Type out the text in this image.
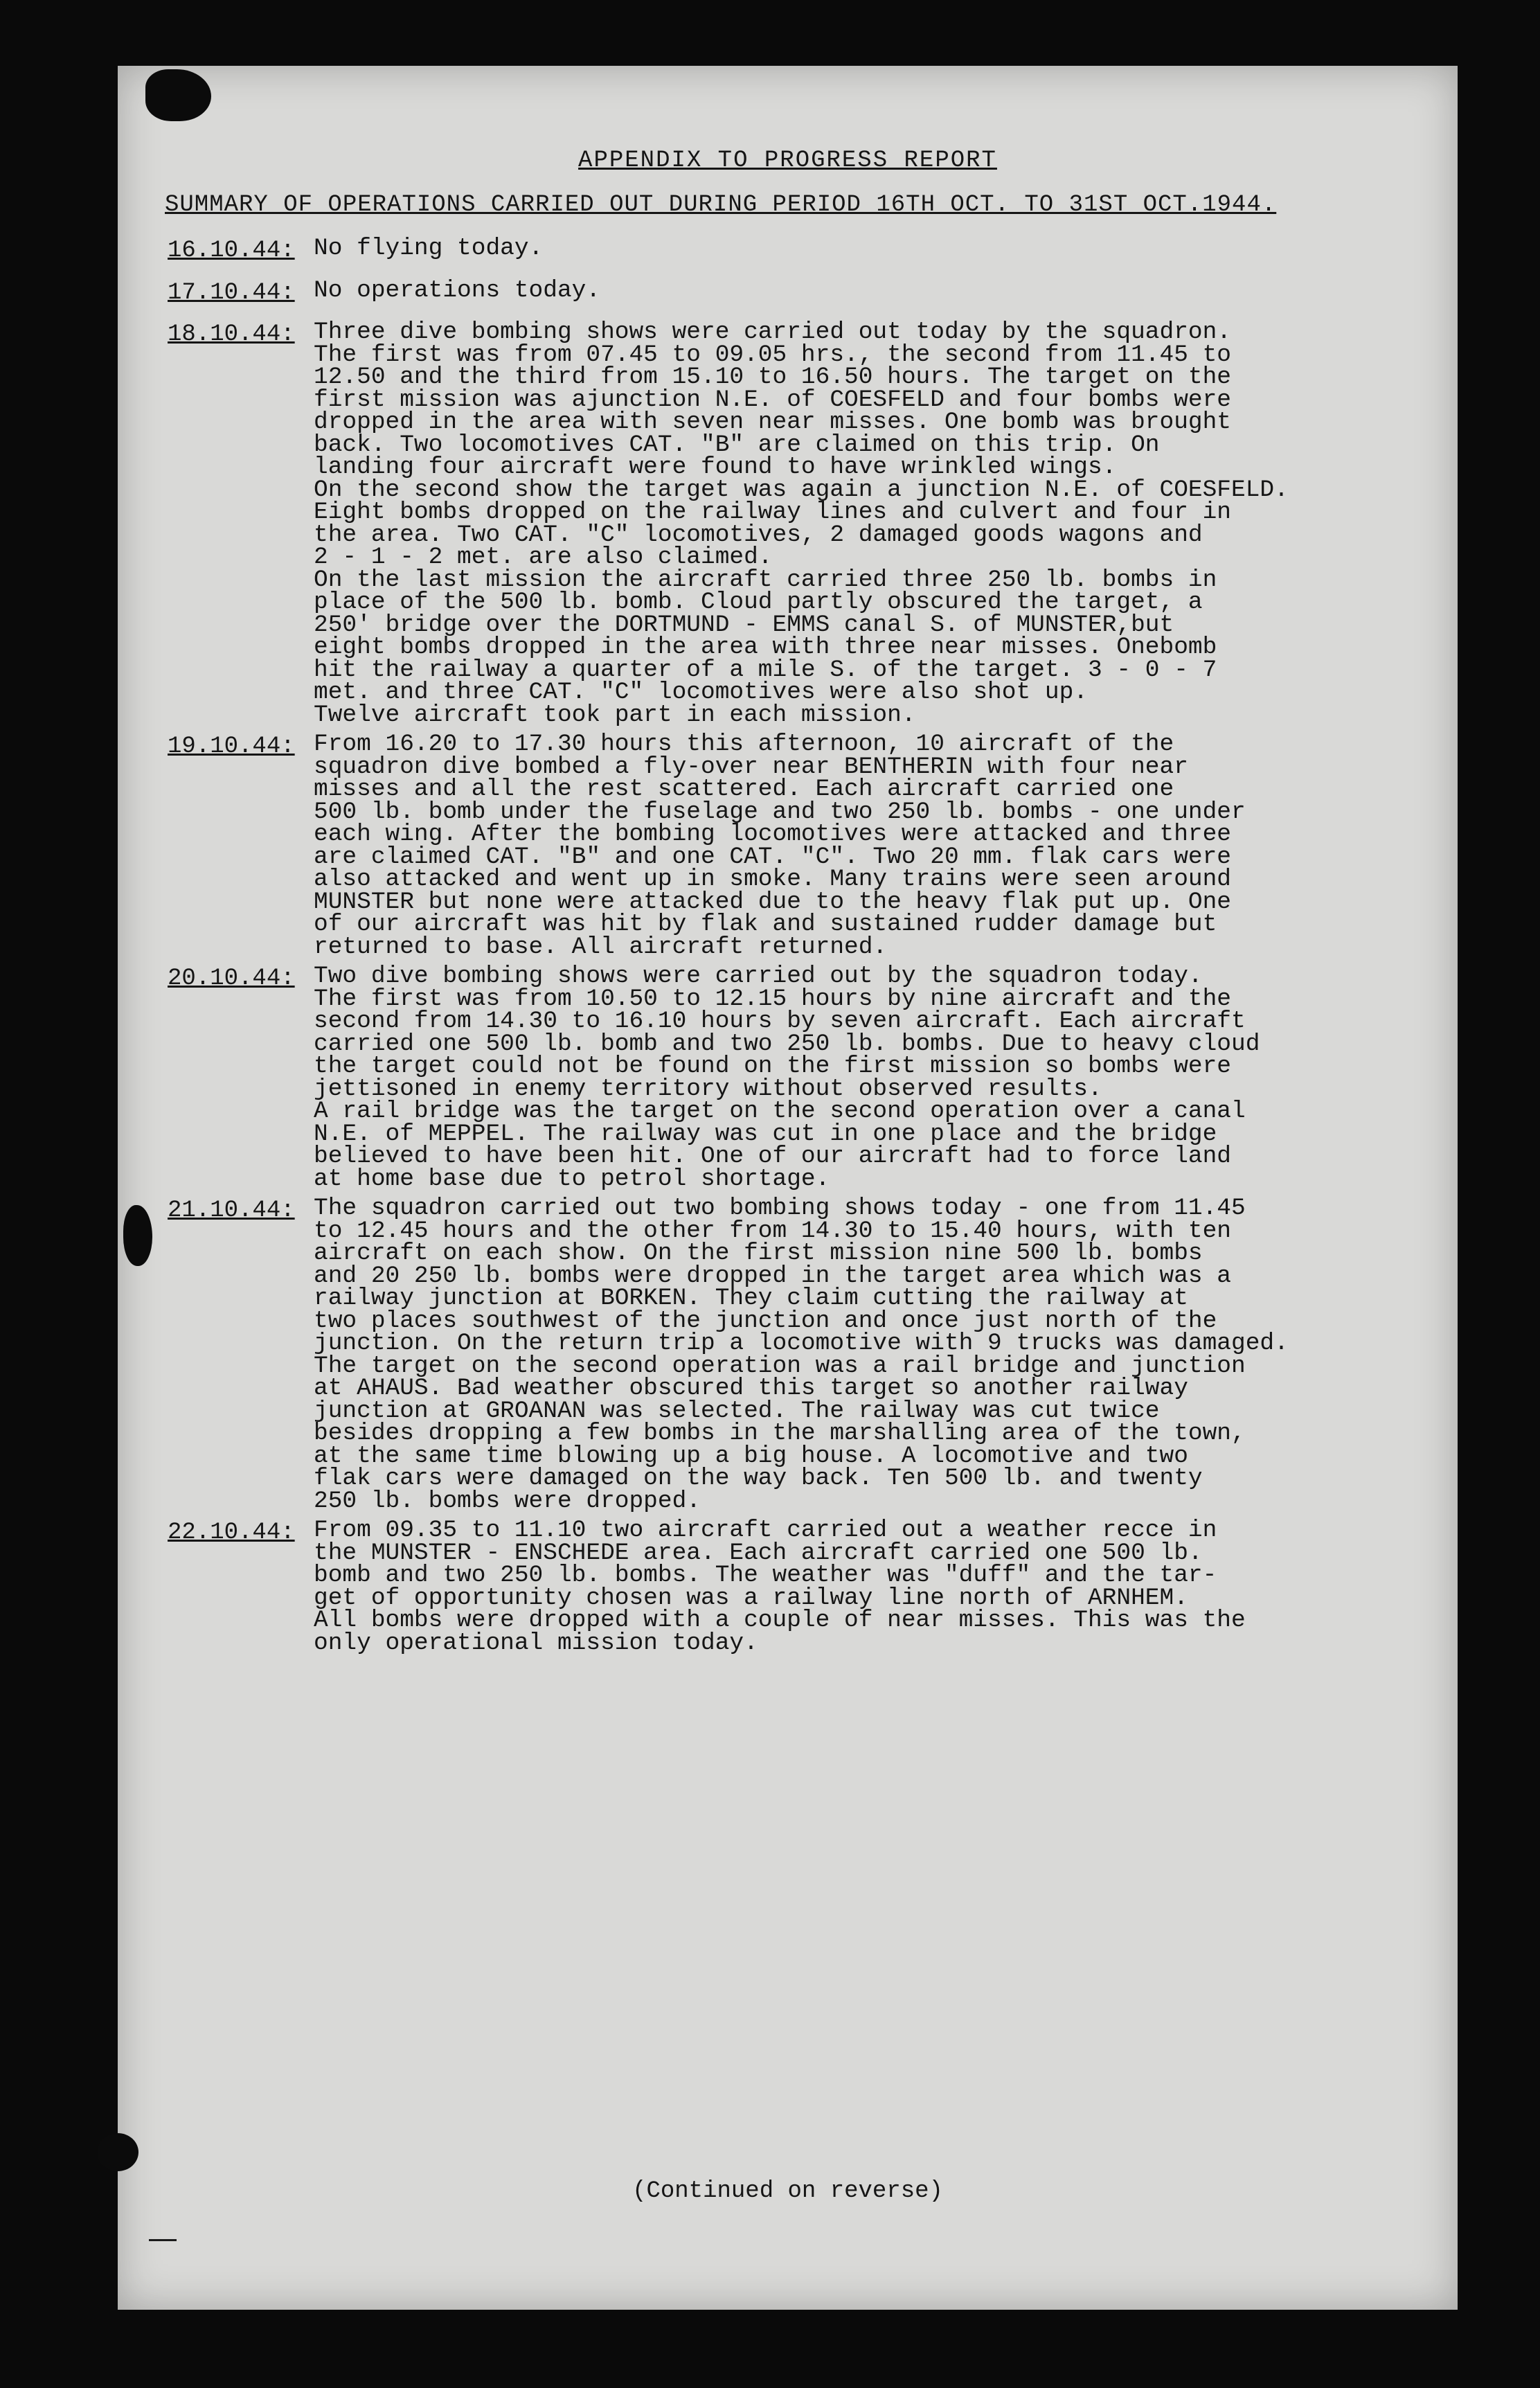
APPENDIX TO PROGRESS REPORT
SUMMARY OF OPERATIONS CARRIED OUT DURING PERIOD 16TH OCT. TO 31ST OCT.1944.
16.10.44: No flying today.
17.10.44: No operations today.
18.10.44: Three dive bombing shows were carried out today by the squadron.
The first was from 07.45 to 09.05 hrs., the second from 11.45 to
12.50 and the third from 15.10 to 16.50 hours. The target on the
first mission was ajunction N.E. of COESFELD and four bombs were
dropped in the area with seven near misses. One bomb was brought
back. Two locomotives CAT. "B" are claimed on this trip. On
landing four aircraft were found to have wrinkled wings.
On the second show the target was again a junction N.E. of COESFELD.
Eight bombs dropped on the railway lines and culvert and four in
the area. Two CAT. "C" locomotives, 2 damaged goods wagons and
2 - 1 - 2 met. are also claimed.
On the last mission the aircraft carried three 250 lb. bombs in
place of the 500 lb. bomb. Cloud partly obscured the target, a
250' bridge over the DORTMUND - EMMS canal S. of MUNSTER,but
eight bombs dropped in the area with three near misses. Onebomb
hit the railway a quarter of a mile S. of the target. 3 - 0 - 7
met. and three CAT. "C" locomotives were also shot up.
Twelve aircraft took part in each mission.
19.10.44: From 16.20 to 17.30 hours this afternoon, 10 aircraft of the
squadron dive bombed a fly-over near BENTHERIN with four near
misses and all the rest scattered. Each aircraft carried one
500 lb. bomb under the fuselage and two 250 lb. bombs - one under
each wing. After the bombing locomotives were attacked and three
are claimed CAT. "B" and one CAT. "C". Two 20 mm. flak cars were
also attacked and went up in smoke. Many trains were seen around
MUNSTER but none were attacked due to the heavy flak put up. One
of our aircraft was hit by flak and sustained rudder damage but
returned to base. All aircraft returned.
20.10.44: Two dive bombing shows were carried out by the squadron today.
The first was from 10.50 to 12.15 hours by nine aircraft and the
second from 14.30 to 16.10 hours by seven aircraft. Each aircraft
carried one 500 lb. bomb and two 250 lb. bombs. Due to heavy cloud
the target could not be found on the first mission so bombs were
jettisoned in enemy territory without observed results.
A rail bridge was the target on the second operation over a canal
N.E. of MEPPEL. The railway was cut in one place and the bridge
believed to have been hit. One of our aircraft had to force land
at home base due to petrol shortage.
21.10.44: The squadron carried out two bombing shows today - one from 11.45
to 12.45 hours and the other from 14.30 to 15.40 hours, with ten
aircraft on each show. On the first mission nine 500 lb. bombs
and 20 250 lb. bombs were dropped in the target area which was a
railway junction at BORKEN. They claim cutting the railway at
two places southwest of the junction and once just north of the
junction. On the return trip a locomotive with 9 trucks was damaged.
The target on the second operation was a rail bridge and junction
at AHAUS. Bad weather obscured this target so another railway
junction at GROANAN was selected. The railway was cut twice
besides dropping a few bombs in the marshalling area of the town,
at the same time blowing up a big house. A locomotive and two
flak cars were damaged on the way back. Ten 500 lb. and twenty
250 lb. bombs were dropped.
22.10.44: From 09.35 to 11.10 two aircraft carried out a weather recce in
the MUNSTER - ENSCHEDE area. Each aircraft carried one 500 lb.
bomb and two 250 lb. bombs. The weather was "duff" and the tar-
get of opportunity chosen was a railway line north of ARNHEM.
All bombs were dropped with a couple of near misses. This was the
only operational mission today.
(Continued on reverse)
